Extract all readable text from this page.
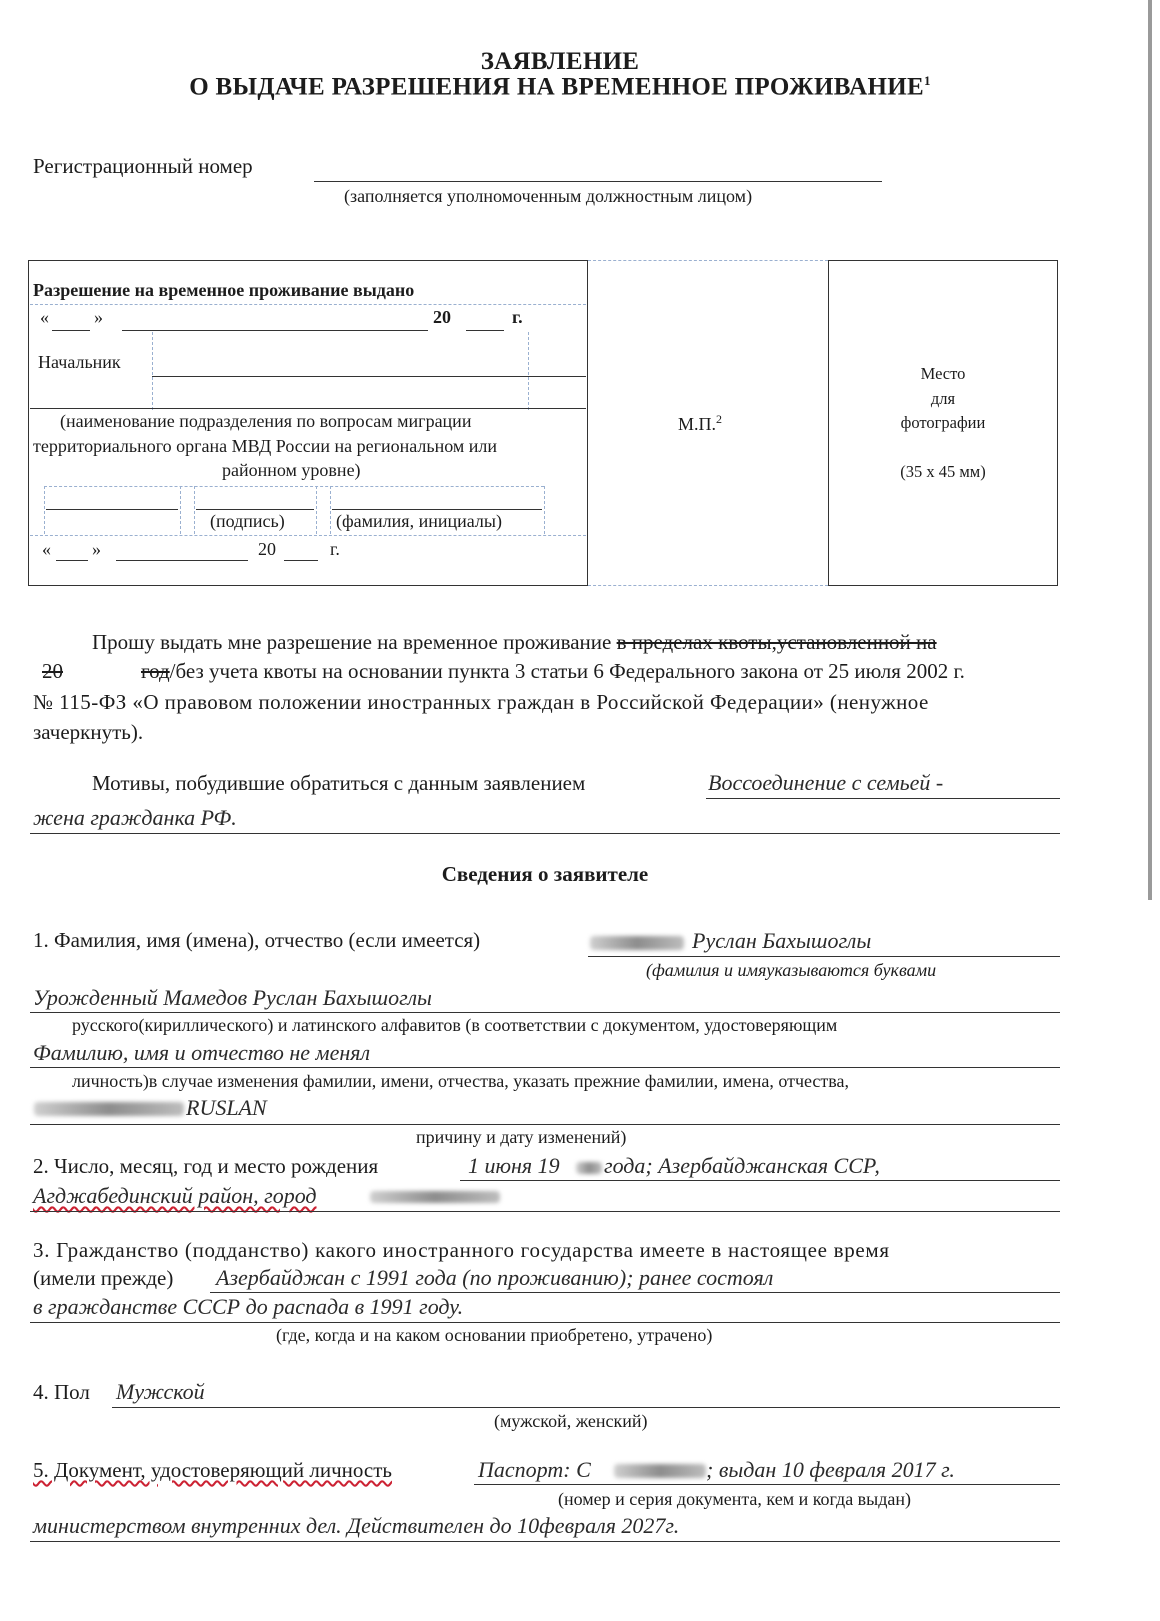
ЗАЯВЛЕНИЕ
О ВЫДАЧЕ РАЗРЕШЕНИЯ НА ВРЕМЕННОЕ ПРОЖИВАНИЕ$^1$
Регистрационный номер
(заполняется уполномоченным должностным лицом)
Разрешение на временное проживание выдано
«	»	20	г.
Начальник
(наименование подразделения по вопросам миграции
территориального органа МВД России на региональном или
районном уровне)
(подпись)	(фамилия, инициалы)
« »	20	г.
М.П.$^2$
Место
для
фотографии
(35 х 45 мм)
Прошу выдать мне разрешение на временное проживание в пределах квоты,установленной на
20	год/без учета квоты на основании пункта 3 статьи 6 Федерального закона от 25 июля 2002 г.
№ 115-ФЗ «О правовом положении иностранных граждан в Российской Федерации» (ненужное
зачеркнуть).
Мотивы, побудившие обратиться с данным заявлением	Воссоединение с семьей -
жена гражданка РФ.
Сведения о заявителе
1. Фамилия, имя (имена), отчество (если имеется)	Руслан Бахышоглы
(фамилия и имяуказываются буквами
Урожденный Мамедов Руслан Бахышоглы
русского(кириллического) и латинского алфавитов (в соответствии с документом, удостоверяющим
Фамилию, имя и отчество не менял
личность)в случае изменения фамилии, имени, отчества, указать прежние фамилии, имена, отчества,
RUSLAN
причину и дату изменений)
2. Число, месяц, год и место рождения	1 июня 19 года; Азербайджанская ССР,
Агджабединский район, город
3. Гражданство (подданство) какого иностранного государства имеете в настоящее время
(имели прежде) Азербайджан с 1991 года (по проживанию); ранее состоял
в гражданстве СССР до распада в 1991 году.
(где, когда и на каком основании приобретено, утрачено)
4. Пол Мужской
(мужской, женский)
5. Документ, удостоверяющий личность	Паспорт: С	; выдан 10 февраля 2017 г.
(номер и серия документа, кем и когда выдан)
министерством внутренних дел. Действителен до 10февраля 2027г.
